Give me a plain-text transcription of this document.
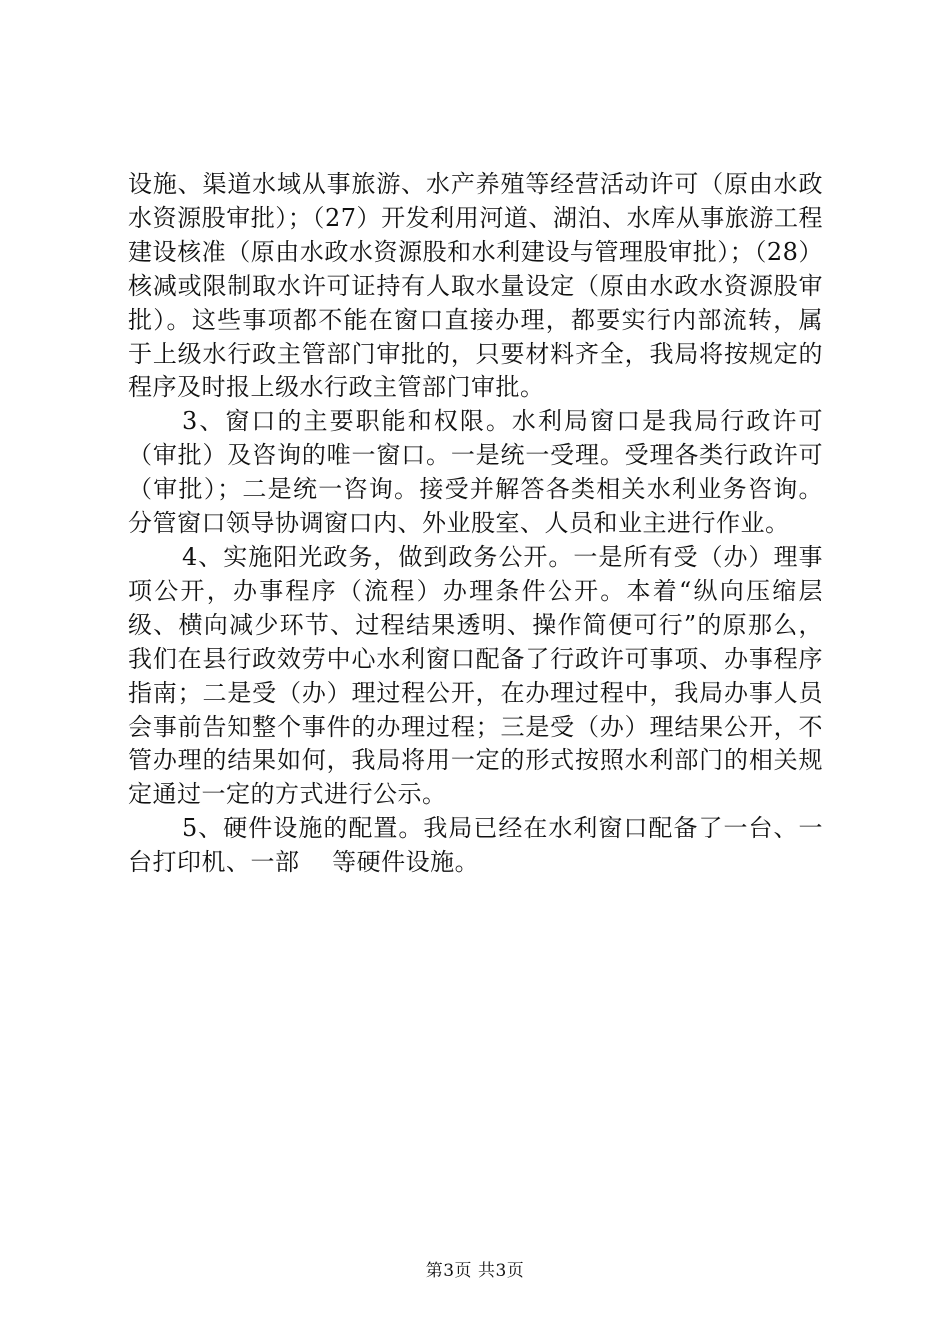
设施、渠道水域从事旅游、水产养殖等经营活动许可（原由水政水资源股审批）；（27）开发利用河道、湖泊、水库从事旅游工程建设核准（原由水政水资源股和水利建设与管理股审批）；（28）核减或限制取水许可证持有人取水量设定（原由水政水资源股审批）。这些事项都不能在窗口直接办理，都要实行内部流转，属于上级水行政主管部门审批的，只要材料齐全，我局将按规定的程序及时报上级水行政主管部门审批。

3、窗口的主要职能和权限。水利局窗口是我局行政许可（审批）及咨询的唯一窗口。一是统一受理。受理各类行政许可（审批）；二是统一咨询。接受并解答各类相关水利业务咨询。分管窗口领导协调窗口内、外业股室、人员和业主进行作业。

4、实施阳光政务，做到政务公开。一是所有受（办）理事项公开，办事程序（流程）办理条件公开。本着“纵向压缩层级、横向减少环节、过程结果透明、操作简便可行”的原那么，我们在县行政效劳中心水利窗口配备了行政许可事项、办事程序指南；二是受（办）理过程公开，在办理过程中，我局办事人员会事前告知整个事件的办理过程；三是受（办）理结果公开，不管办理的结果如何，我局将用一定的形式按照水利部门的相关规定通过一定的方式进行公示。

5、硬件设施的配置。我局已经在水利窗口配备了一台、一台打印机、一部　 等硬件设施。

第3页 共3页
